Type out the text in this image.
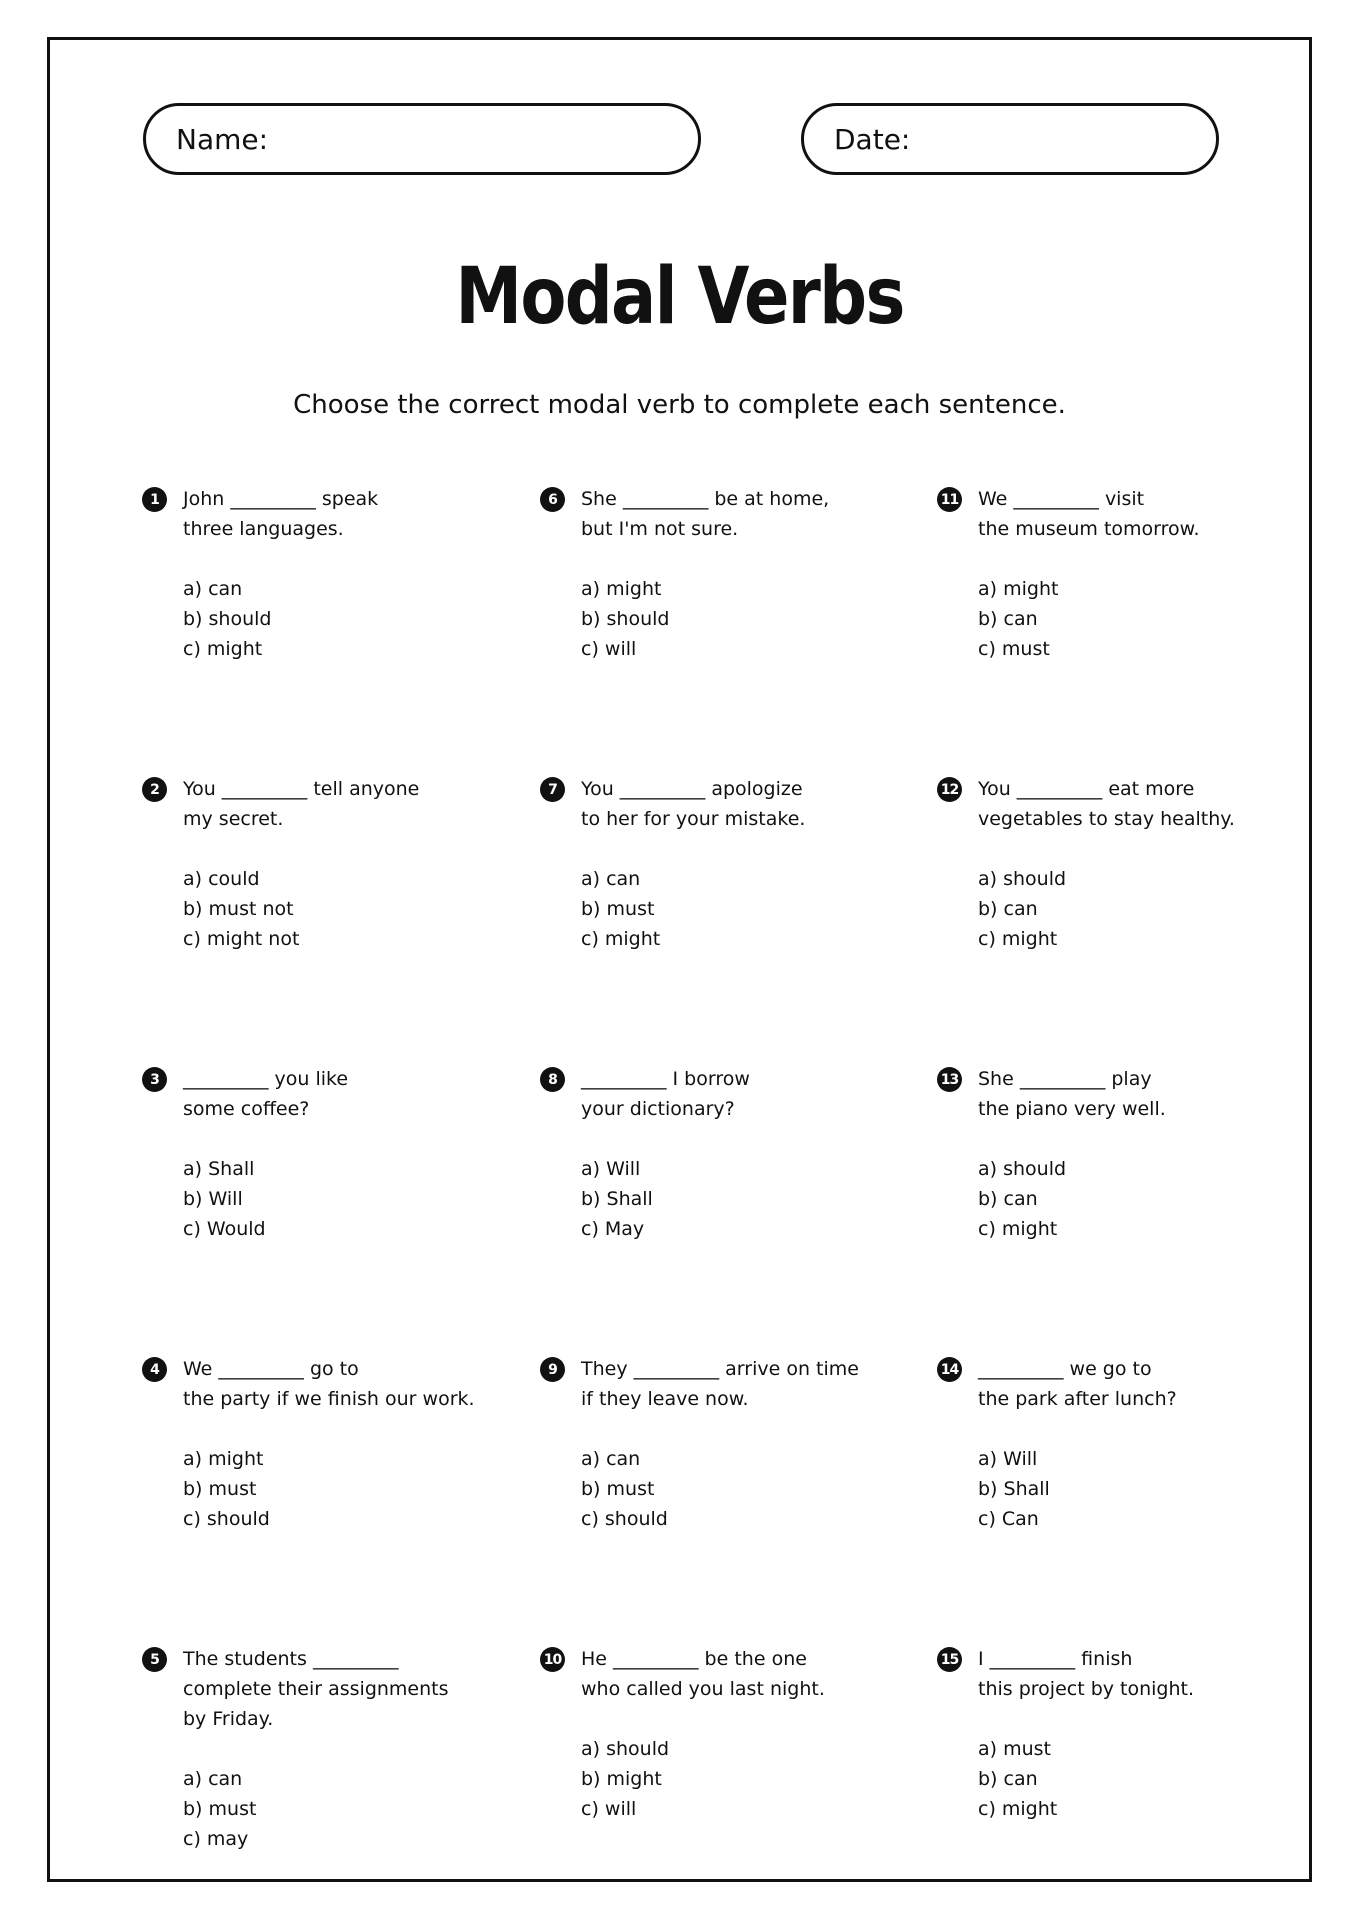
Name:	Date:
Modal Verbs
Choose the correct modal verb to complete each sentence.
1	John _________ speak
three languages.
a) can
b) should
c) might
2	You _________ tell anyone
my secret.
a) could
b) must not
c) might not
3	_________ you like
some coffee?
a) Shall
b) Will
c) Would
4	We _________ go to
the party if we finish our work.
a) might
b) must
c) should
5	The students _________
complete their assignments
by Friday.
a) can
b) must
c) may
6	She _________ be at home,
but I'm not sure.
a) might
b) should
c) will
7	You _________ apologize
to her for your mistake.
a) can
b) must
c) might
8	_________ I borrow
your dictionary?
a) Will
b) Shall
c) May
9	They _________ arrive on time
if they leave now.
a) can
b) must
c) should
10 He _________ be the one
who called you last night.
a) should
b) might
c) will
11 We _________ visit
the museum tomorrow.
a) might
b) can
c) must
12 You _________ eat more
vegetables to stay healthy.
a) should
b) can
c) might
13 She _________ play
the piano very well.
a) should
b) can
c) might
14 _________ we go to
the park after lunch?
a) Will
b) Shall
c) Can
15 I _________ finish
this project by tonight.
a) must
b) can
c) might
